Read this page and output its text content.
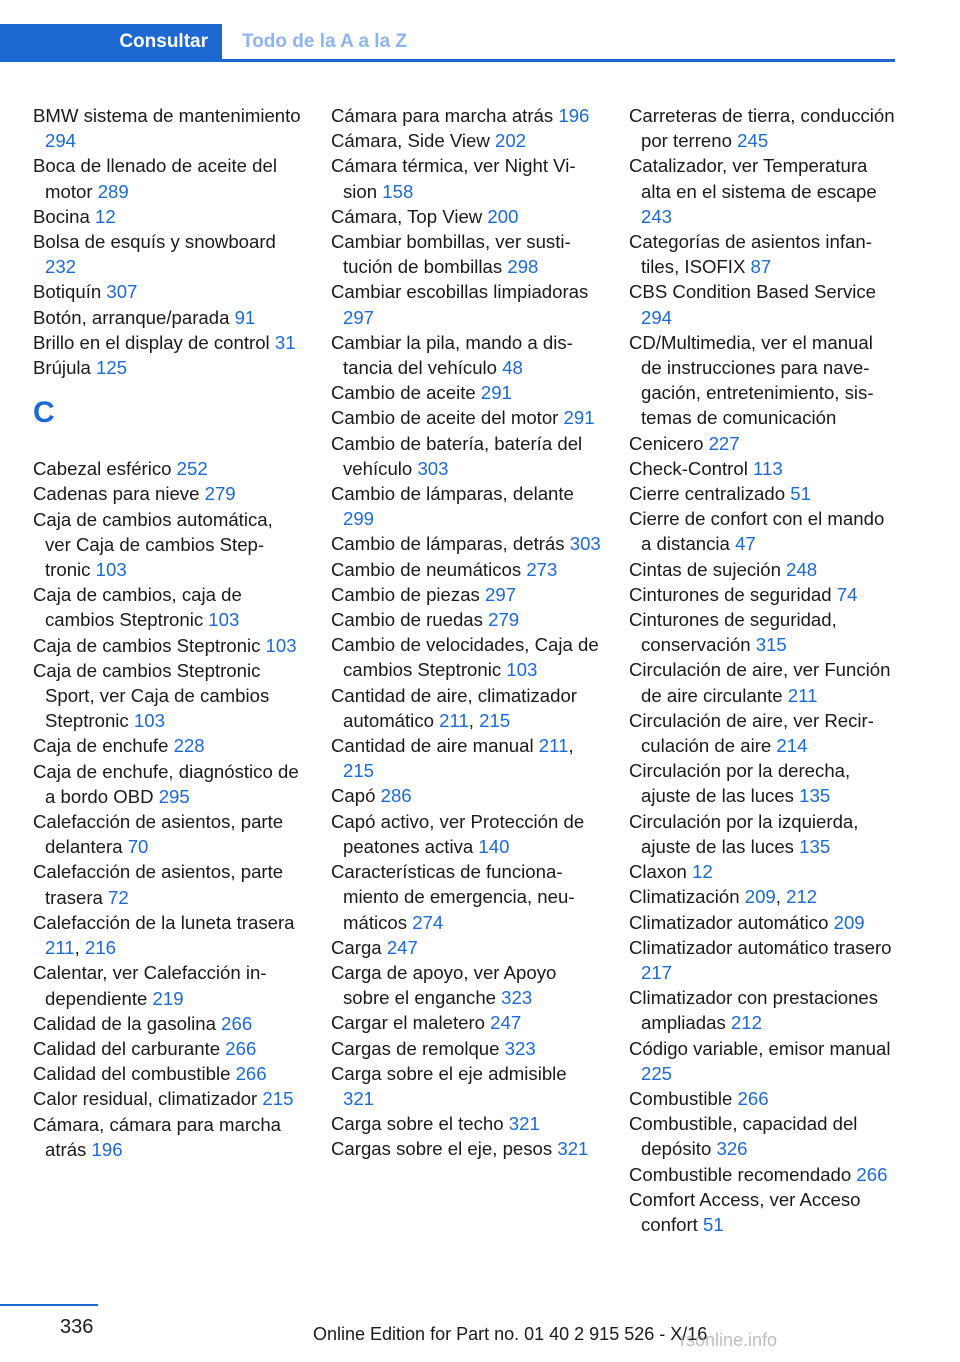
Consultar	Todo de la A a la Z
BMW sistema de mantenimiento 294
Boca de llenado de aceite del motor 289
Bocina 12
Bolsa de esquís y snowboard 232
Botiquín 307
Botón, arranque/parada 91
Brillo en el display de control 31
Brújula 125
C
Cabezal esférico 252
Cadenas para nieve 279
Caja de cambios automática, ver Caja de cambios Steptronic 103
Caja de cambios, caja de cambios Steptronic 103
Caja de cambios Steptronic 103
Caja de cambios Steptronic Sport, ver Caja de cambios Steptronic 103
Caja de enchufe 228
Caja de enchufe, diagnóstico de a bordo OBD 295
Calefacción de asientos, parte delantera 70
Calefacción de asientos, parte trasera 72
Calefacción de la luneta trasera 211, 216
Calentar, ver Calefacción independiente 219
Calidad de la gasolina 266
Calidad del carburante 266
Calidad del combustible 266
Calor residual, climatizador 215
Cámara, cámara para marcha atrás 196
Cámara para marcha atrás 196
Cámara, Side View 202
Cámara térmica, ver Night Vision 158
Cámara, Top View 200
Cambiar bombillas, ver sustitución de bombillas 298
Cambiar escobillas limpiadoras 297
Cambiar la pila, mando a distancia del vehículo 48
Cambio de aceite 291
Cambio de aceite del motor 291
Cambio de batería, batería del vehículo 303
Cambio de lámparas, delante 299
Cambio de lámparas, detrás 303
Cambio de neumáticos 273
Cambio de piezas 297
Cambio de ruedas 279
Cambio de velocidades, Caja de cambios Steptronic 103
Cantidad de aire, climatizador automático 211, 215
Cantidad de aire manual 211, 215
Capó 286
Capó activo, ver Protección de peatones activa 140
Características de funcionamiento de emergencia, neumáticos 274
Carga 247
Carga de apoyo, ver Apoyo sobre el enganche 323
Cargar el maletero 247
Cargas de remolque 323
Carga sobre el eje admisible 321
Carga sobre el techo 321
Cargas sobre el eje, pesos 321
Carreteras de tierra, conducción por terreno 245
Catalizador, ver Temperatura alta en el sistema de escape 243
Categorías de asientos infantiles, ISOFIX 87
CBS Condition Based Service 294
CD/Multimedia, ver el manual de instrucciones para navegación, entretenimiento, sistemas de comunicación
Cenicero 227
Check-Control 113
Cierre centralizado 51
Cierre de confort con el mando a distancia 47
Cintas de sujeción 248
Cinturones de seguridad 74
Cinturones de seguridad, conservación 315
Circulación de aire, ver Función de aire circulante 211
Circulación de aire, ver Recirculación de aire 214
Circulación por la derecha, ajuste de las luces 135
Circulación por la izquierda, ajuste de las luces 135
Claxon 12
Climatización 209, 212
Climatizador automático 209
Climatizador automático trasero 217
Climatizador con prestaciones ampliadas 212
Código variable, emisor manual 225
Combustible 266
Combustible, capacidad del depósito 326
Combustible recomendado 266
Comfort Access, ver Acceso confort 51
336	Online Edition for Part no. 01 40 2 915 526 - X/16
rsonline.info
